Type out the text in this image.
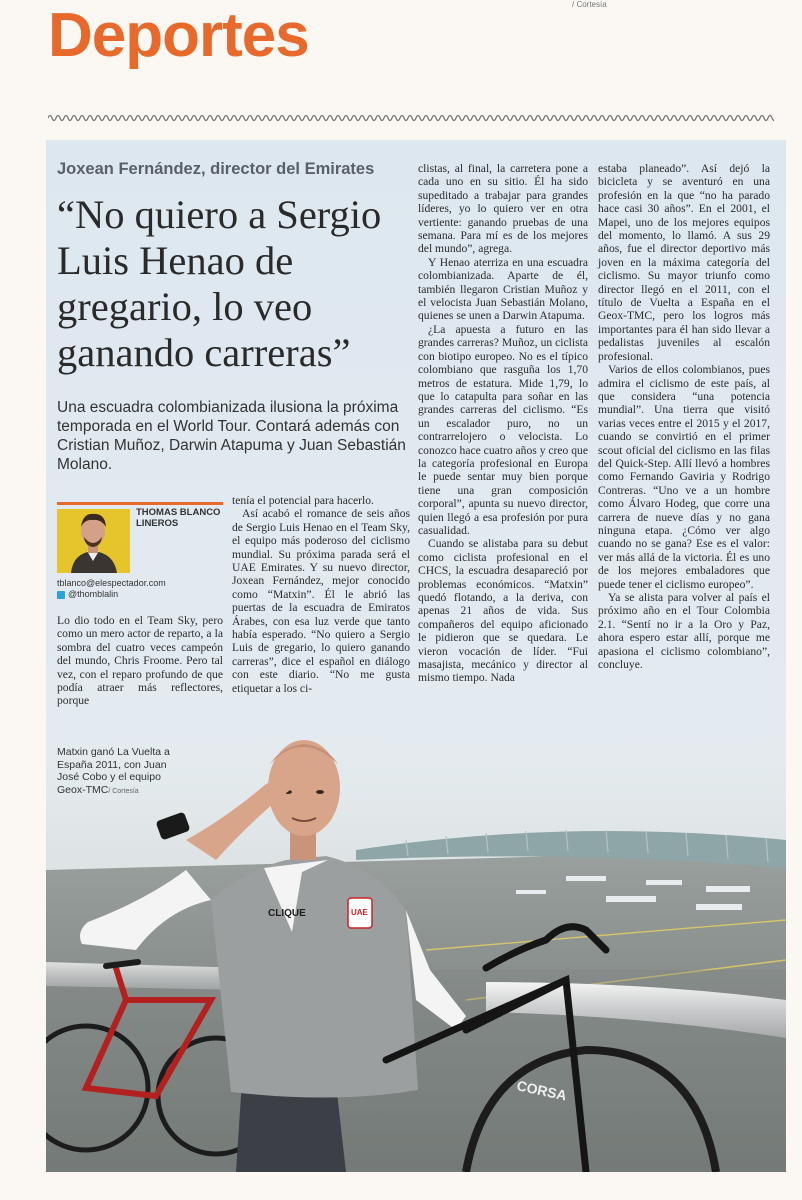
Deportes	/ Cortesía
Joxean Fernández, director del Emirates
“No quiero a Sergio Luis Henao de gregario, lo veo ganando carreras”
Una escuadra colombianizada ilusiona la próxima temporada en el World Tour. Contará además con Cristian Muñoz, Darwin Atapuma y Juan Sebastián Molano.
THOMAS BLANCO LINEROS
tblanco@elespectador.com
@thomblalin

Lo dio todo en el Team Sky, pero como un mero actor de reparto, a la sombra del cuatro veces campeón del mundo, Chris Froome. Pero tal vez, con el reparo profundo de que podía atraer más reflectores,

tenía el potencial para hacerlo.

Así acabó el romance de seis años de Sergio Luis Henao en el Team Sky, el equipo más poderoso del ciclismo mundial. Su próxima parada será el UAE Emirates. Y su nuevo director, Joxean Fernández, mejor conocido como “Matxin”. Él le abrió las puertas de la escuadra de Emiratos Árabes, con esa luz verde que tanto había esperado. “No quiero a Sergio Luis de gregario, lo quiero ganando carreras”, dice el español en diálogo con este diario. “No me gusta etiquetar a los ci-

clistas, al final, la carretera pone a cada uno en su sitio. Él ha sido supeditado a trabajar para grandes líderes, yo lo quiero ver en otra vertiente: ganando pruebas de una semana. Para mí es de los mejores del mundo”, agrega.

Y Henao aterriza en una escuadra colombianizada. Aparte de él, también llegaron Cristian Muñoz y el velocista Juan Sebastián Molano, quienes se unen a Darwin Atapuma.

¿La apuesta a futuro en las grandes carreras? Muñoz, un ciclista con biotipo europeo. No es el típico colombiano que rasguña los 1,70 metros de estatura. Mide 1,79, lo que lo catapulta para soñar en las grandes carreras del ciclismo. “Es un escalador puro, no un contrarrelojero o velocista. Lo conozco hace cuatro años y creo que la categoría profesional en Europa le puede sentar muy bien porque tiene una gran composición corporal”, apunta su nuevo director, quien llegó a esa profesión por pura casualidad.

Cuando se alistaba para su debut como ciclista profesional en el CHCS, la escuadra desapareció por problemas económicos. “Matxin” quedó flotando, a la deriva, con apenas 21 años de vida. Sus compañeros del equipo aficionado le pidieron que se quedara. Le vieron vocación de líder. “Fui masajista, mecánico y director al mismo tiempo. Nada

estaba planeado”. Así dejó la bicicleta y se aventuró en una profesión en la que “no ha parado hace casi 30 años”. En el 2001, el Mapei, uno de los mejores equipos del momento, lo llamó. A sus 29 años, fue el director deportivo más joven en la máxima categoría del ciclismo. Su mayor triunfo como director llegó en el 2011, con el título de Vuelta a España en el Geox-TMC, pero los logros más importantes para él han sido llevar a pedalistas juveniles al escalón profesional.

Varios de ellos colombianos, pues admira el ciclismo de este país, al que considera “una potencia mundial”. Una tierra que visitó varias veces entre el 2015 y el 2017, cuando se convirtió en el primer scout oficial del ciclismo en las filas del Quick-Step. Allí llevó a hombres como Fernando Gaviria y Rodrigo Contreras. “Uno ve a un hombre como Álvaro Hodeg, que corre una carrera de nueve días y no gana ninguna etapa. ¿Cómo ver algo cuando no se gana? Ese es el valor: ver más allá de la victoria. Él es uno de los mejores embaladores que puede tener el ciclismo europeo”.

Ya se alista para volver al país el próximo año en el Tour Colombia 2.1. “Sentí no ir a la Oro y Paz, ahora espero estar allí, porque me apasiona el ciclismo colombiano”, concluye.

CLIQUE	UAE
CORSA
Matxin ganó La Vuelta a España 2011, con Juan José Cobo y el equipo Geox-TMC/ Cortesía
